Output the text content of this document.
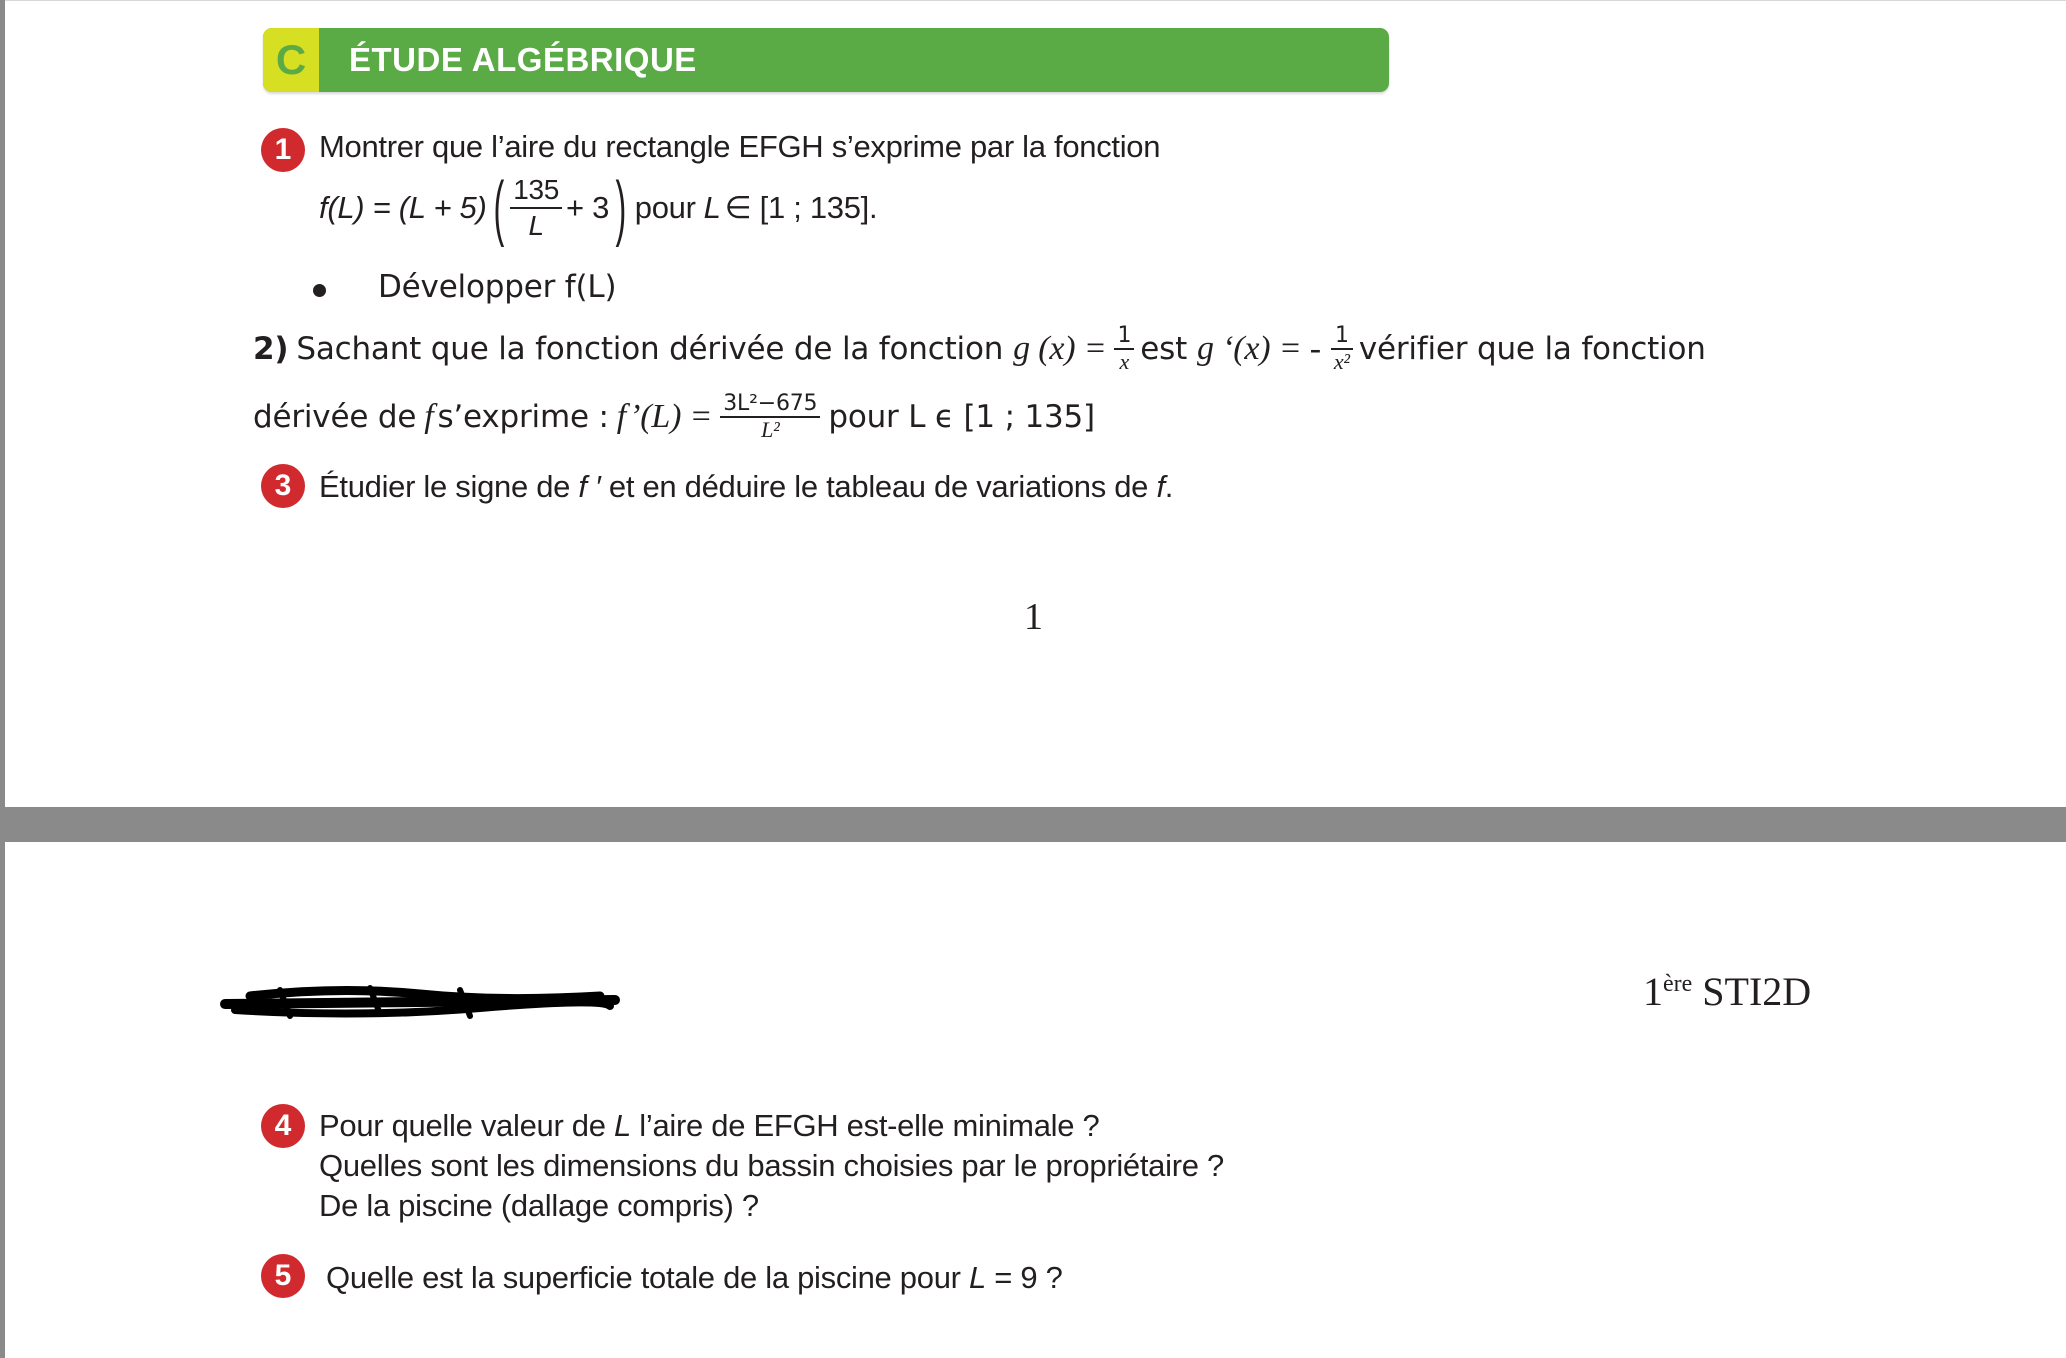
C	ÉTUDE ALGÉBRIQUE
1 Montrer que l’aire du rectangle EFGH s’exprime par la fonction
f(L) = (L + 5) ( $\frac{135}{L} + 3$ ) pour L ∈ [1 ; 135].
Développer f(L)
2) Sachant que la fonction dérivée de la fonction g $(x) = \frac{1}{x}$ est g ‘(x) = - $\frac{1}{\text{x²}}$ vérifier que la fonction
dérivée de f s’exprime : f’(L) = $\frac{\text{3L²−675}}{\text{L²}}$ pour L ϵ [1 ; 135]
3 Étudier le signe de f ′ et en déduire le tableau de variations de f.
1
1ère STI2D
4 Pour quelle valeur de L l’aire de EFGH est-elle minimale ?
Quelles sont les dimensions du bassin choisies par le propriétaire ?
De la piscine (dallage compris) ?
5	Quelle est la superficie totale de la piscine pour L = 9 ?
